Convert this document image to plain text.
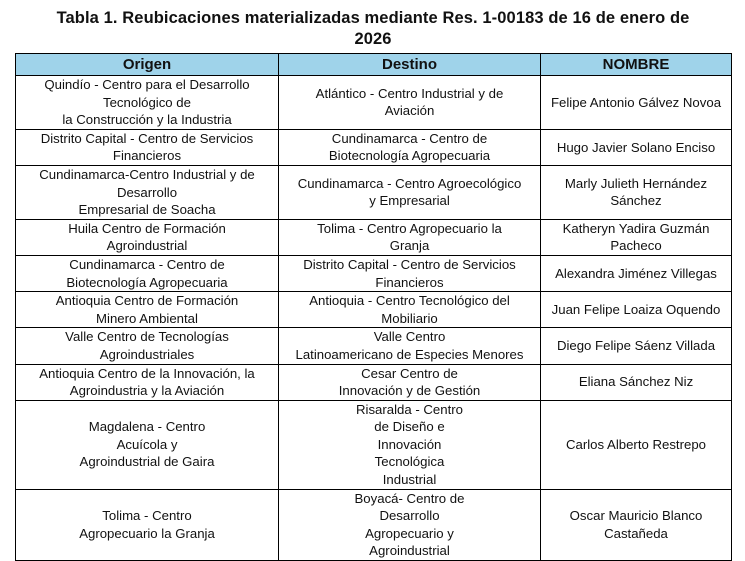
Tabla 1. Reubicaciones materializadas mediante Res. 1-00183 de 16 de enero de
2026
Origen	Destino	NOMBRE

Quindío - Centro para el Desarrollo
Tecnológico de
la Construcción y la Industria	Atlántico - Centro Industrial y de
Aviación	Felipe Antonio Gálvez Novoa

Distrito Capital - Centro de Servicios
Financieros	Cundinamarca - Centro de
Biotecnología Agropecuaria	Hugo Javier Solano Enciso

Cundinamarca-Centro Industrial y de
Desarrollo
Empresarial de Soacha	Cundinamarca - Centro Agroecológico
y Empresarial	Marly Julieth Hernández
Sánchez

Huila Centro de Formación
Agroindustrial	Tolima - Centro Agropecuario la
Granja	Katheryn Yadira Guzmán
Pacheco

Cundinamarca - Centro de
Biotecnología Agropecuaria	Distrito Capital - Centro de Servicios
Financieros	Alexandra Jiménez Villegas

Antioquia Centro de Formación
Minero Ambiental	Antioquia - Centro Tecnológico del
Mobiliario	Juan Felipe Loaiza Oquendo

Valle Centro de Tecnologías
Agroindustriales	Valle Centro
Latinoamericano de Especies Menores	Diego Felipe Sáenz Villada

Antioquia Centro de la Innovación, la
Agroindustria y la Aviación	Cesar Centro de
Innovación y de Gestión	Eliana Sánchez Niz

Magdalena - Centro
Acuícola y
Agroindustrial de Gaira	Risaralda - Centro
de Diseño e
Innovación
Tecnológica
Industrial	Carlos Alberto Restrepo

Tolima - Centro
Agropecuario la Granja	Boyacá- Centro de
Desarrollo
Agropecuario y
Agroindustrial	Oscar Mauricio Blanco
Castañeda
